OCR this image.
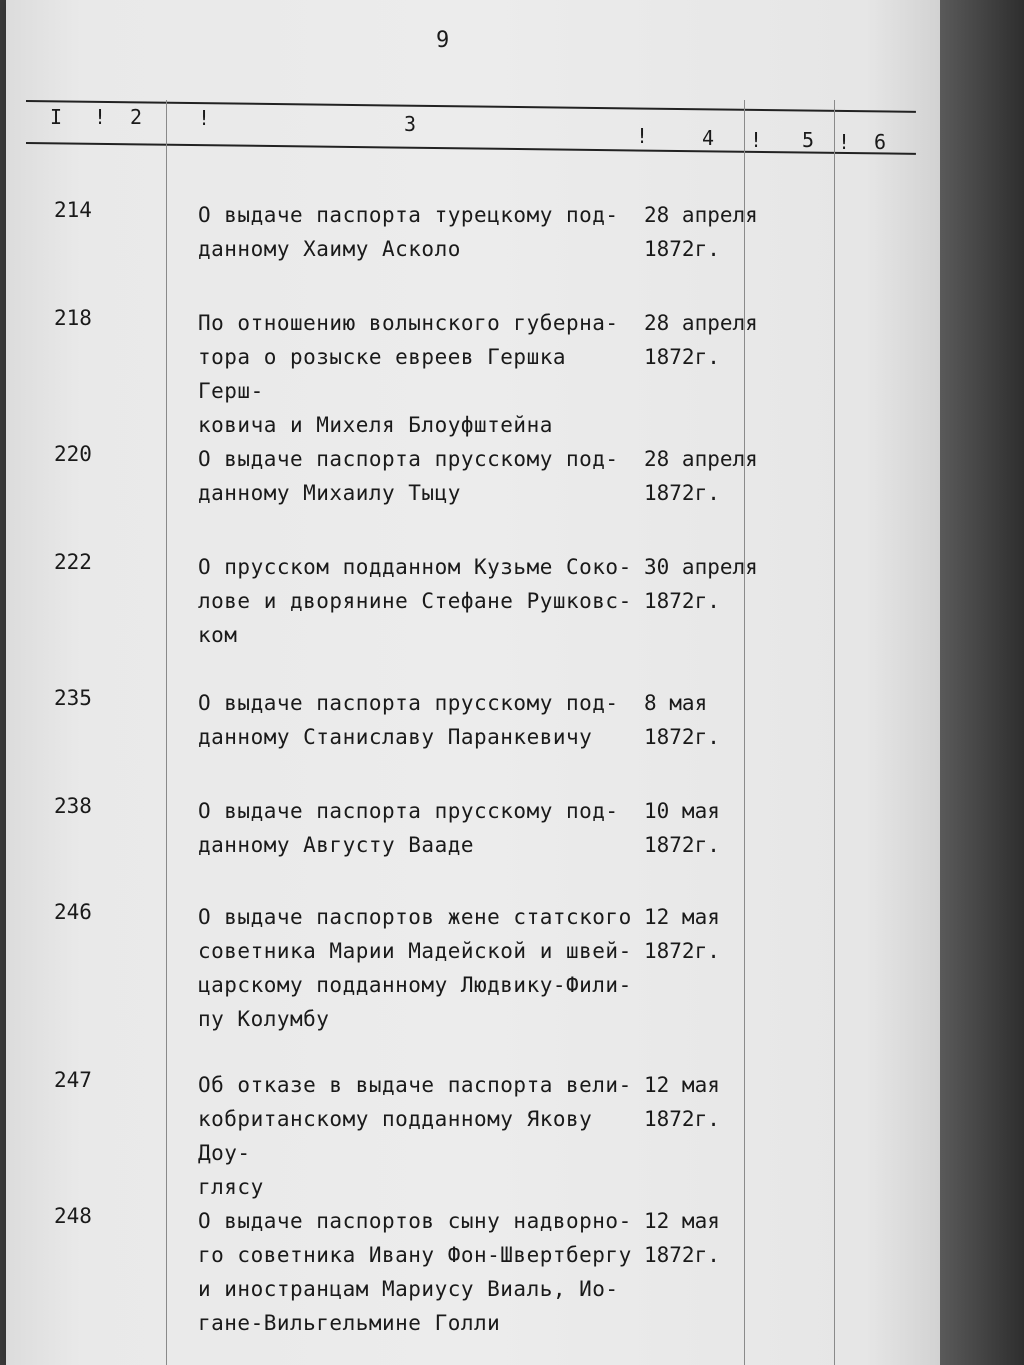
9
I ! 2	!	3	!	4 ! 5 ! 6
214	О выдаче паспорта турецкому под-
данному Хаиму Асколо
28 апреля
1872г.
218	По отношению волынского губерна-
тора о розыске евреев Гершка Герш-
ковича и Михеля Блоуфштейна
28 апреля
1872г.
220	О выдаче паспорта прусскому под-
данному Михаилу Тыцу
28 апреля
1872г.
222	О прусском подданном Кузьме Соко-
лове и дворянине Стефане Рушковс-
ком
30 апреля
1872г.
235	О выдаче паспорта прусскому под-
данному Станиславу Паранкевичу
8 мая
1872г.
238	О выдаче паспорта прусскому под-
данному Августу Вааде
10 мая
1872г.
246	О выдаче паспортов жене статского
советника Марии Мадейской и швей-
царскому подданному Людвику-Фили-
пу Колумбу
12 мая
1872г.
247	Об отказе в выдаче паспорта вели-
кобританскому подданному Якову Доу-
глясу
12 мая
1872г.
248	О выдаче паспортов сыну надворно-
го советника Ивану Фон-Швертбергу
и иностранцам Мариусу Виаль, Ио-
гане-Вильгельмине Голли
12 мая
1872г.
